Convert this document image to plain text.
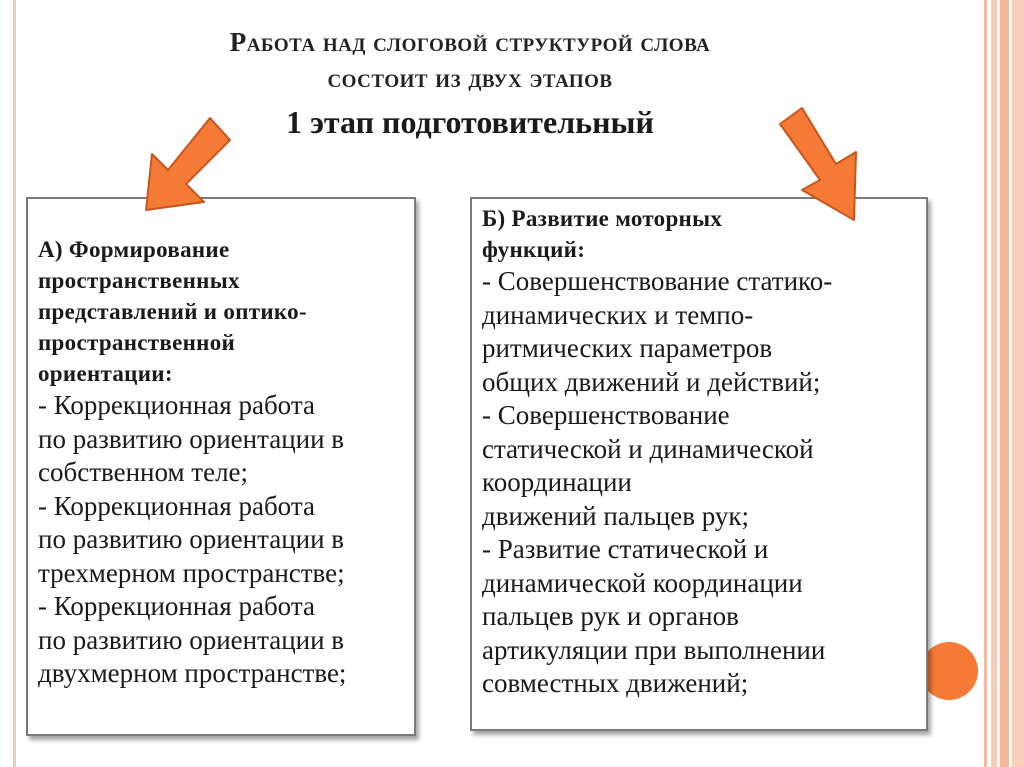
Работа над слоговой структурой слова
состоит из двух этапов
1 этап подготовительный
А) Формирование
пространственных
представлений и оптико-
пространственной
ориентации:
- Коррекционная работа
по развитию ориентации в
собственном теле;
- Коррекционная работа
по развитию ориентации в
трехмерном пространстве;
- Коррекционная работа
по развитию ориентации в
двухмерном пространстве;
Б) Развитие моторных
функций:
- Совершенствование статико-
динамических и темпо-
ритмических параметров
общих движений и действий;
- Совершенствование
статической и динамической
координации
движений пальцев рук;
- Развитие статической и
динамической координации
пальцев рук и органов
артикуляции при выполнении
совместных движений;
